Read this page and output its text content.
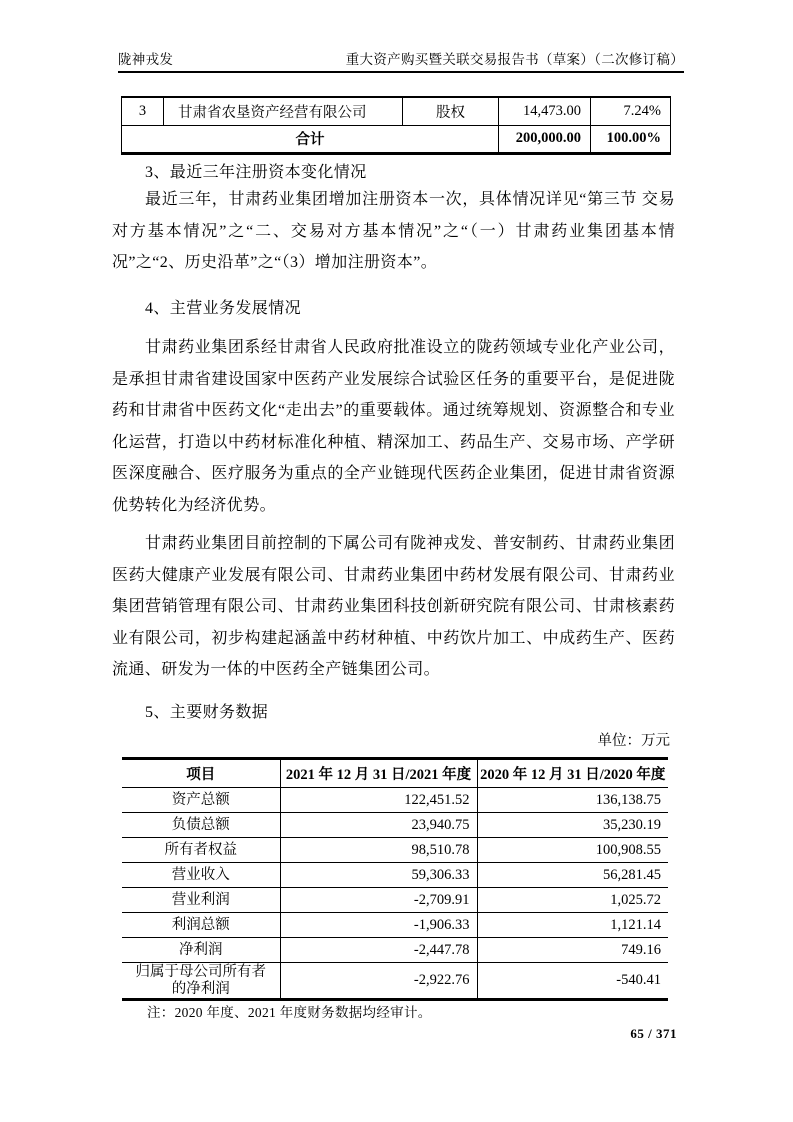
陇神戎发	重大资产购买暨关联交易报告书（草案）（二次修订稿）
3	甘肃省农垦资产经营有限公司	股权	14,473.00	7.24%
合计			200,000.00	100.00%
3、最近三年注册资本变化情况
最近三年，甘肃药业集团增加注册资本一次，具体情况详见“第三节 交易对方基本情况”之“二、交易对方基本情况”之“（一）甘肃药业集团基本情况”之“2、历史沿革”之“（3）增加注册资本”。
4、主营业务发展情况
甘肃药业集团系经甘肃省人民政府批准设立的陇药领域专业化产业公司，是承担甘肃省建设国家中医药产业发展综合试验区任务的重要平台，是促进陇药和甘肃省中医药文化“走出去”的重要载体。通过统筹规划、资源整合和专业化运营，打造以中药材标准化种植、精深加工、药品生产、交易市场、产学研医深度融合、医疗服务为重点的全产业链现代医药企业集团，促进甘肃省资源优势转化为经济优势。
甘肃药业集团目前控制的下属公司有陇神戎发、普安制药、甘肃药业集团医药大健康产业发展有限公司、甘肃药业集团中药材发展有限公司、甘肃药业集团营销管理有限公司、甘肃药业集团科技创新研究院有限公司、甘肃核素药业有限公司，初步构建起涵盖中药材种植、中药饮片加工、中成药生产、医药流通、研发为一体的中医药全产链集团公司。
5、主要财务数据
单位：万元
项目	2021 年 12 月 31 日/2021 年度	2020 年 12 月 31 日/2020 年度
资产总额	122,451.52	136,138.75
负债总额	23,940.75	35,230.19
所有者权益	98,510.78	100,908.55
营业收入	59,306.33	56,281.45
营业利润	-2,709.91	1,025.72
利润总额	-1,906.33	1,121.14
净利润	-2,447.78	749.16
归属于母公司所有者的净利润	-2,922.76	-540.41
注：2020 年度、2021 年度财务数据均经审计。
65 / 371
